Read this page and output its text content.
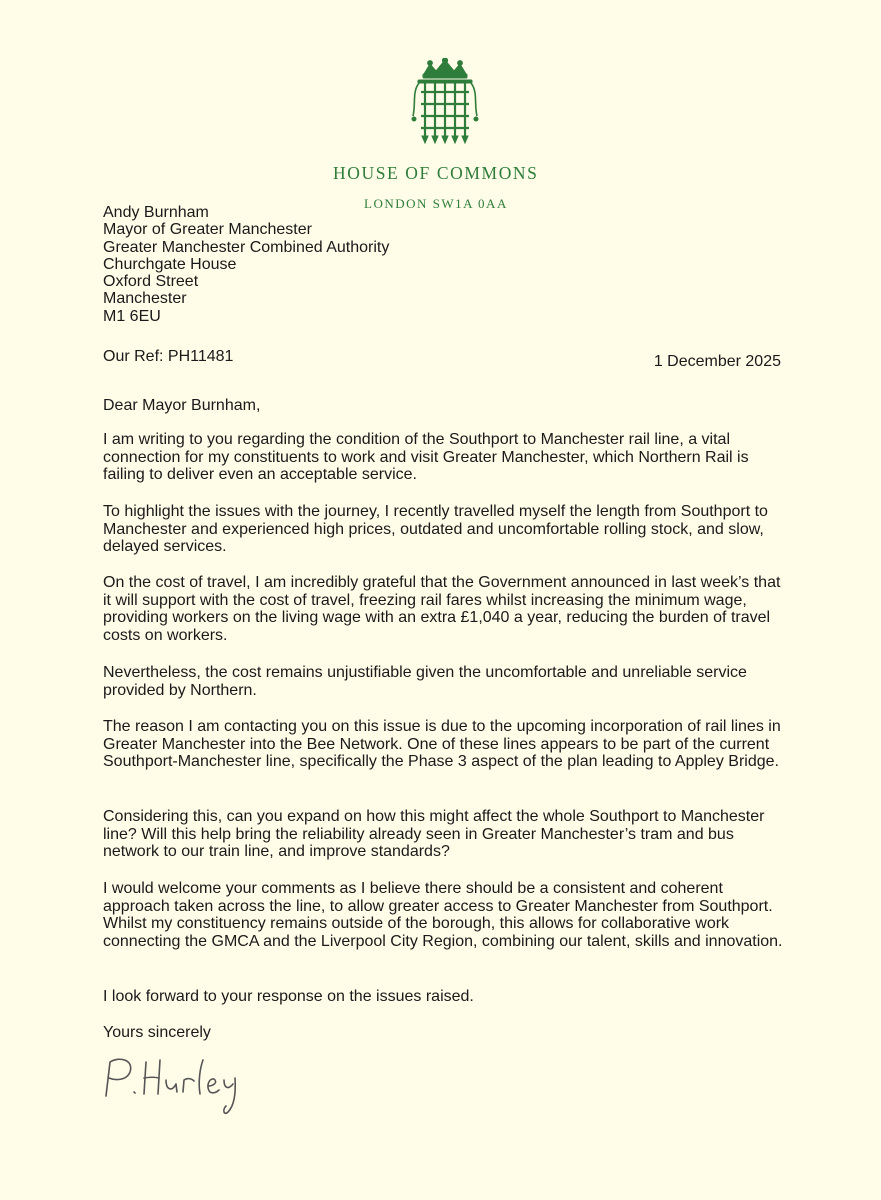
HOUSE OF COMMONS
LONDON SW1A 0AA
Andy Burnham
Mayor of Greater Manchester
Greater Manchester Combined Authority
Churchgate House
Oxford Street
Manchester
M1 6EU
Our Ref: PH11481	1 December 2025
Dear Mayor Burnham,
I am writing to you regarding the condition of the Southport to Manchester rail line, a vital connection for my constituents to work and visit Greater Manchester, which Northern Rail is failing to deliver even an acceptable service.
To highlight the issues with the journey, I recently travelled myself the length from Southport to Manchester and experienced high prices, outdated and uncomfortable rolling stock, and slow, delayed services.
On the cost of travel, I am incredibly grateful that the Government announced in last week’s that it will support with the cost of travel, freezing rail fares whilst increasing the minimum wage, providing workers on the living wage with an extra £1,040 a year, reducing the burden of travel costs on workers.
Nevertheless, the cost remains unjustifiable given the uncomfortable and unreliable service provided by Northern.
The reason I am contacting you on this issue is due to the upcoming incorporation of rail lines in Greater Manchester into the Bee Network. One of these lines appears to be part of the current Southport-Manchester line, specifically the Phase 3 aspect of the plan leading to Appley Bridge.
Considering this, can you expand on how this might affect the whole Southport to Manchester line? Will this help bring the reliability already seen in Greater Manchester’s tram and bus network to our train line, and improve standards?
I would welcome your comments as I believe there should be a consistent and coherent approach taken across the line, to allow greater access to Greater Manchester from Southport. Whilst my constituency remains outside of the borough, this allows for collaborative work connecting the GMCA and the Liverpool City Region, combining our talent, skills and innovation.
I look forward to your response on the issues raised.
Yours sincerely
